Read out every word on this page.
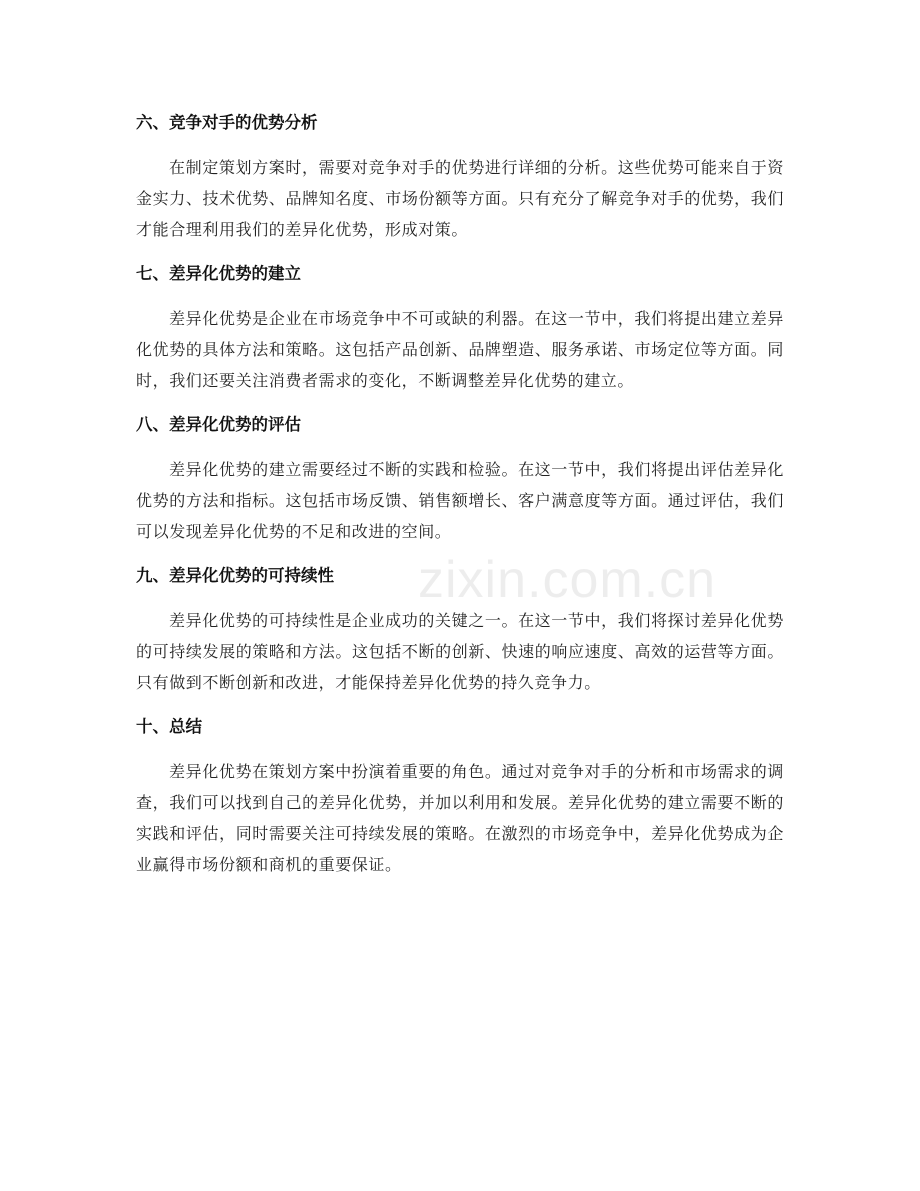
六、竞争对手的优势分析

在制定策划方案时，需要对竞争对手的优势进行详细的分析。这些优势可能来自于资金实力、技术优势、品牌知名度、市场份额等方面。只有充分了解竞争对手的优势，我们才能合理利用我们的差异化优势，形成对策。

七、差异化优势的建立

差异化优势是企业在市场竞争中不可或缺的利器。在这一节中，我们将提出建立差异化优势的具体方法和策略。这包括产品创新、品牌塑造、服务承诺、市场定位等方面。同时，我们还要关注消费者需求的变化，不断调整差异化优势的建立。

八、差异化优势的评估

差异化优势的建立需要经过不断的实践和检验。在这一节中，我们将提出评估差异化优势的方法和指标。这包括市场反馈、销售额增长、客户满意度等方面。通过评估，我们可以发现差异化优势的不足和改进的空间。

九、差异化优势的可持续性

差异化优势的可持续性是企业成功的关键之一。在这一节中，我们将探讨差异化优势的可持续发展的策略和方法。这包括不断的创新、快速的响应速度、高效的运营等方面。只有做到不断创新和改进，才能保持差异化优势的持久竞争力。

十、总结

差异化优势在策划方案中扮演着重要的角色。通过对竞争对手的分析和市场需求的调查，我们可以找到自己的差异化优势，并加以利用和发展。差异化优势的建立需要不断的实践和评估，同时需要关注可持续发展的策略。在激烈的市场竞争中，差异化优势成为企业赢得市场份额和商机的重要保证。

zixin.com.cn
